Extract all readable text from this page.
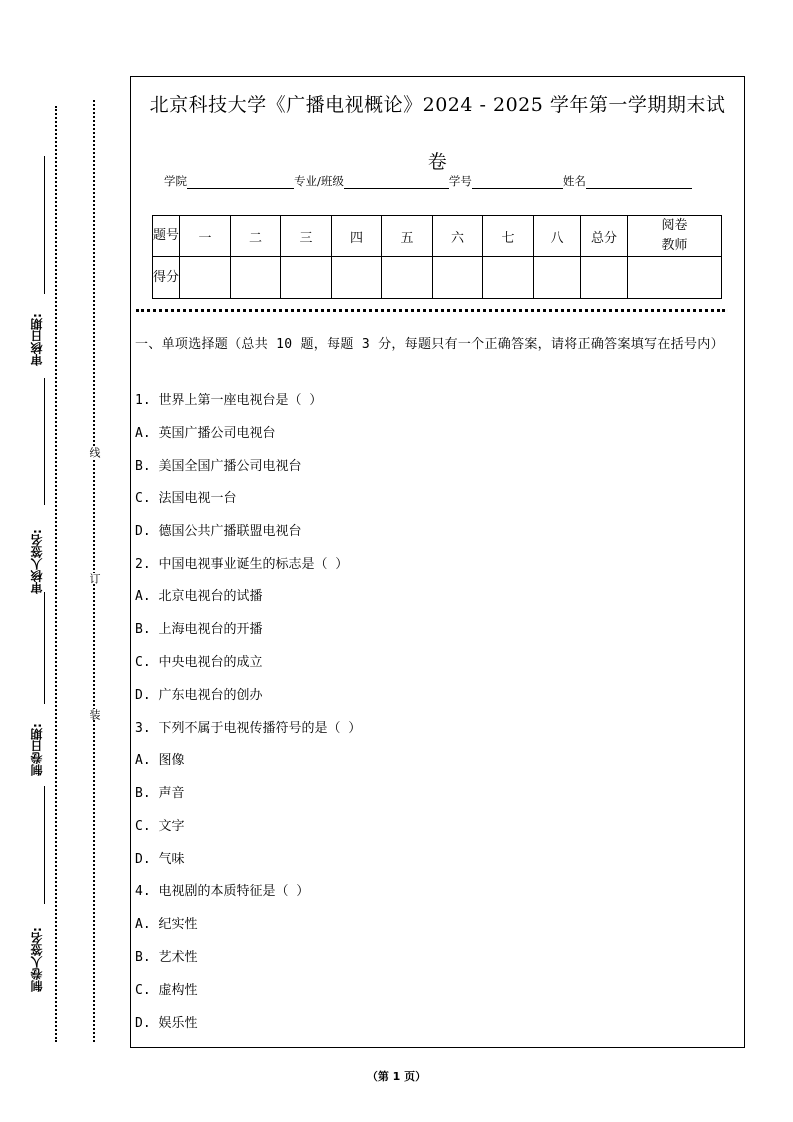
审核日期:
审核人签名:
制卷日期:
制卷人签名:
线
订
装
北京科技大学《广播电视概论》2024 - 2025 学年第一学期期末试
卷
学院	专业/班级	学号	姓名
题号	一	二	三	四	五	六	七	八	总分	阅卷教师
得分										
一、单项选择题（总共 10 题，每题 3 分，每题只有一个正确答案，请将正确答案填写在括号内）
1. 世界上第一座电视台是（ ）
A. 英国广播公司电视台
B. 美国全国广播公司电视台
C. 法国电视一台
D. 德国公共广播联盟电视台
2. 中国电视事业诞生的标志是（ ）
A. 北京电视台的试播
B. 上海电视台的开播
C. 中央电视台的成立
D. 广东电视台的创办
3. 下列不属于电视传播符号的是（ ）
A. 图像
B. 声音
C. 文字
D. 气味
4. 电视剧的本质特征是（ ）
A. 纪实性
B. 艺术性
C. 虚构性
D. 娱乐性
（第 1 页）
